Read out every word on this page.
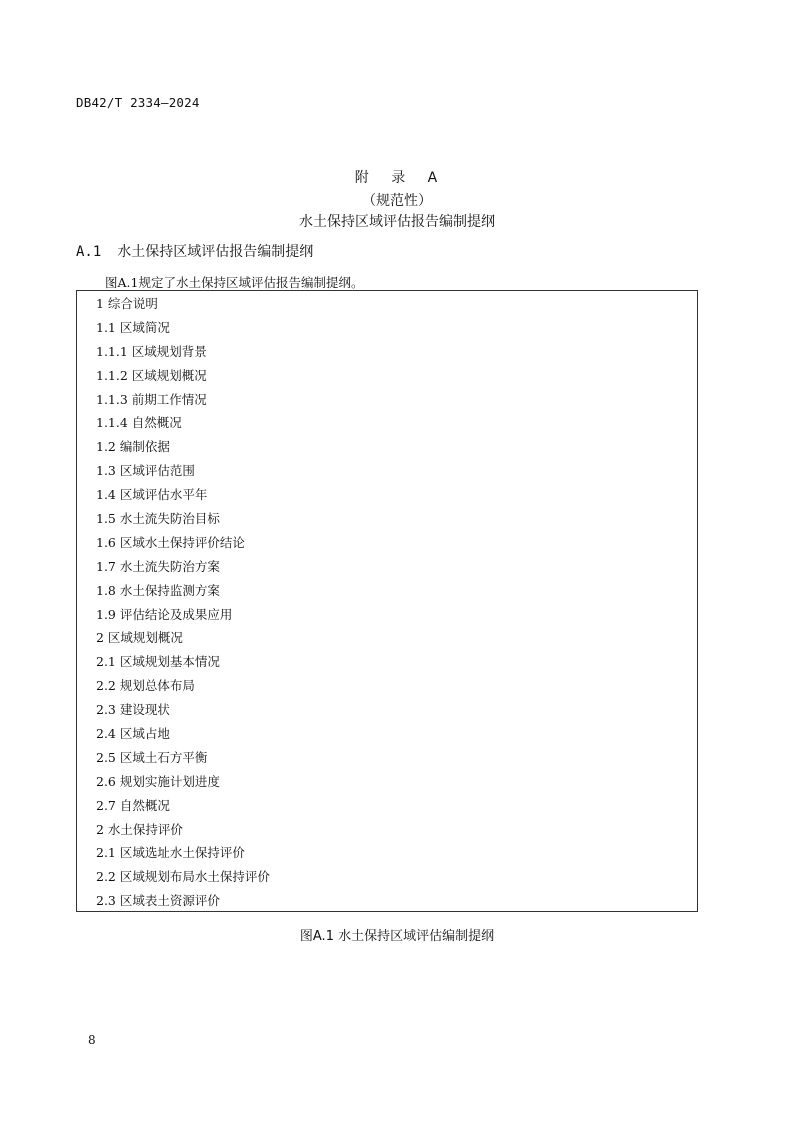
DB42/T 2334—2024
附 录 A
（规范性）
水土保持区域评估报告编制提纲
A.1 水土保持区域评估报告编制提纲
图A.1规定了水土保持区域评估报告编制提纲。
1 综合说明
1.1 区域简况
1.1.1 区域规划背景
1.1.2 区域规划概况
1.1.3 前期工作情况
1.1.4 自然概况
1.2 编制依据
1.3 区域评估范围
1.4 区域评估水平年
1.5 水土流失防治目标
1.6 区域水土保持评价结论
1.7 水土流失防治方案
1.8 水土保持监测方案
1.9 评估结论及成果应用
2 区域规划概况
2.1 区域规划基本情况
2.2 规划总体布局
2.3 建设现状
2.4 区域占地
2.5 区域土石方平衡
2.6 规划实施计划进度
2.7 自然概况
2 水土保持评价
2.1 区域选址水土保持评价
2.2 区域规划布局水土保持评价
2.3 区域表土资源评价
图A.1 水土保持区域评估编制提纲
8
